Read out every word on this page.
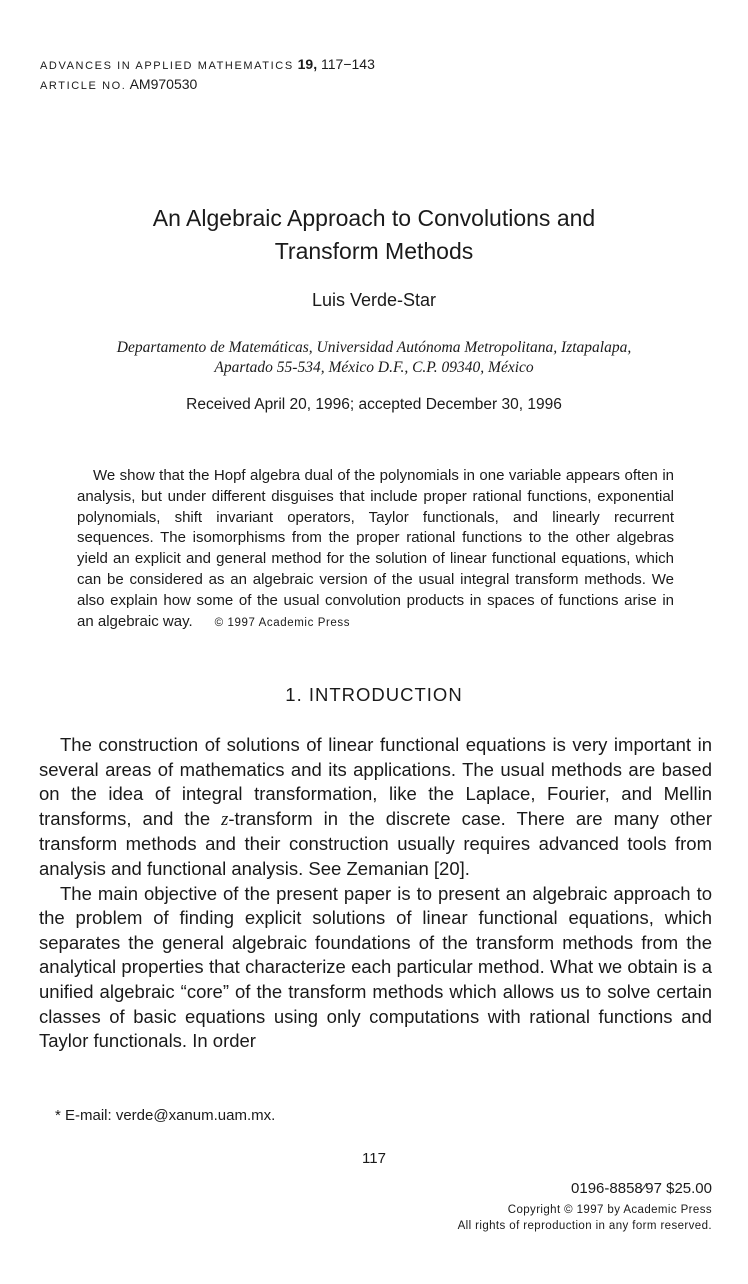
ADVANCES IN APPLIED MATHEMATICS 19, 117−143
ARTICLE NO. AM970530
An Algebraic Approach to Convolutions and
Transform Methods
Luis Verde-Star
Departamento de Matemáticas, Universidad Autónoma Metropolitana, Iztapalapa,
Apartado 55-534, México D.F., C.P. 09340, México
Received April 20, 1996; accepted December 30, 1996
We show that the Hopf algebra dual of the polynomials in one variable appears often in analysis, but under different disguises that include proper rational functions, exponential polynomials, shift invariant operators, Taylor functionals, and linearly recurrent sequences. The isomorphisms from the proper rational functions to the other algebras yield an explicit and general method for the solution of linear functional equations, which can be considered as an algebraic version of the usual integral transform methods. We also explain how some of the usual convolution products in spaces of functions arise in an algebraic way. © 1997 Academic Press
1. INTRODUCTION

The construction of solutions of linear functional equations is very important in several areas of mathematics and its applications. The usual methods are based on the idea of integral transformation, like the Laplace, Fourier, and Mellin transforms, and the z-transform in the discrete case. There are many other transform methods and their construction usually requires advanced tools from analysis and functional analysis. See Zemanian [20].

The main objective of the present paper is to present an algebraic approach to the problem of finding explicit solutions of linear functional equations, which separates the general algebraic foundations of the transform methods from the analytical properties that characterize each particular method. What we obtain is a unified algebraic “core” of the transform methods which allows us to solve certain classes of basic equations using only computations with rational functions and Taylor functionals. In order

* E-mail: verde@xanum.uam.mx.
117
0196-8858⁄97 $25.00
Copyright © 1997 by Academic Press
All rights of reproduction in any form reserved.
